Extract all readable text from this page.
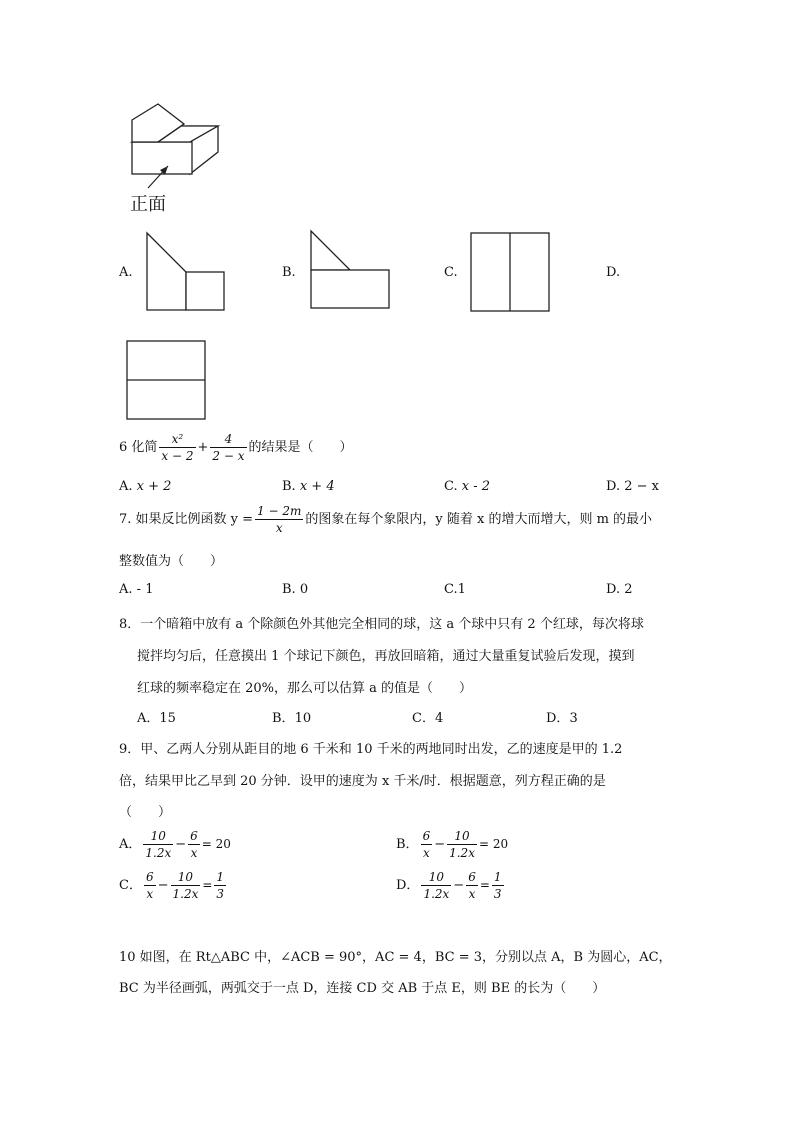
正面
A.	B.	C.	D.
6 化简 $\frac{\text{x²}}{x - 2} + \frac{4}{2 - x}$ 的结果是（　　）
A. x + 2	B. x + 4	C. x - 2	D. 2 − x
7. 如果反比例函数 $y = \frac{1 - 2m}{x}$ 的图象在每个象限内，y 随着 x 的增大而增大，则 m 的最小
整数值为（　　）
A. - 1	B. 0	C.1	D. 2
8．一个暗箱中放有 a 个除颜色外其他完全相同的球，这 a 个球中只有 2 个红球，每次将球
搅拌均匀后，任意摸出 1 个球记下颜色，再放回暗箱，通过大量重复试验后发现，摸到
红球的频率稳定在 20%，那么可以估算 a 的值是（　　）
A．15	B．10	C．4	D．3
9．甲、乙两人分别从距目的地 6 千米和 10 千米的两地同时出发，乙的速度是甲的 1.2
倍，结果甲比乙早到 20 分钟．设甲的速度为 x 千米/时．根据题意，列方程正确的是
（　　）
A． $\frac{10}{1.2x} - \frac{6}{x} = 20$	B． $\frac{6}{x} - \frac{10}{1.2x} = 20$
C． $\frac{6}{x} - \frac{10}{1.2x} = \frac{1}{3}$	D． $\frac{10}{1.2x} - \frac{6}{x} = \frac{1}{3}$
10 如图，在 Rt△ABC 中，∠ACB = 90°，AC = 4，BC = 3，分别以点 A，B 为圆心，AC，
BC 为半径画弧，两弧交于一点 D，连接 CD 交 AB 于点 E，则 BE 的长为（　　）
